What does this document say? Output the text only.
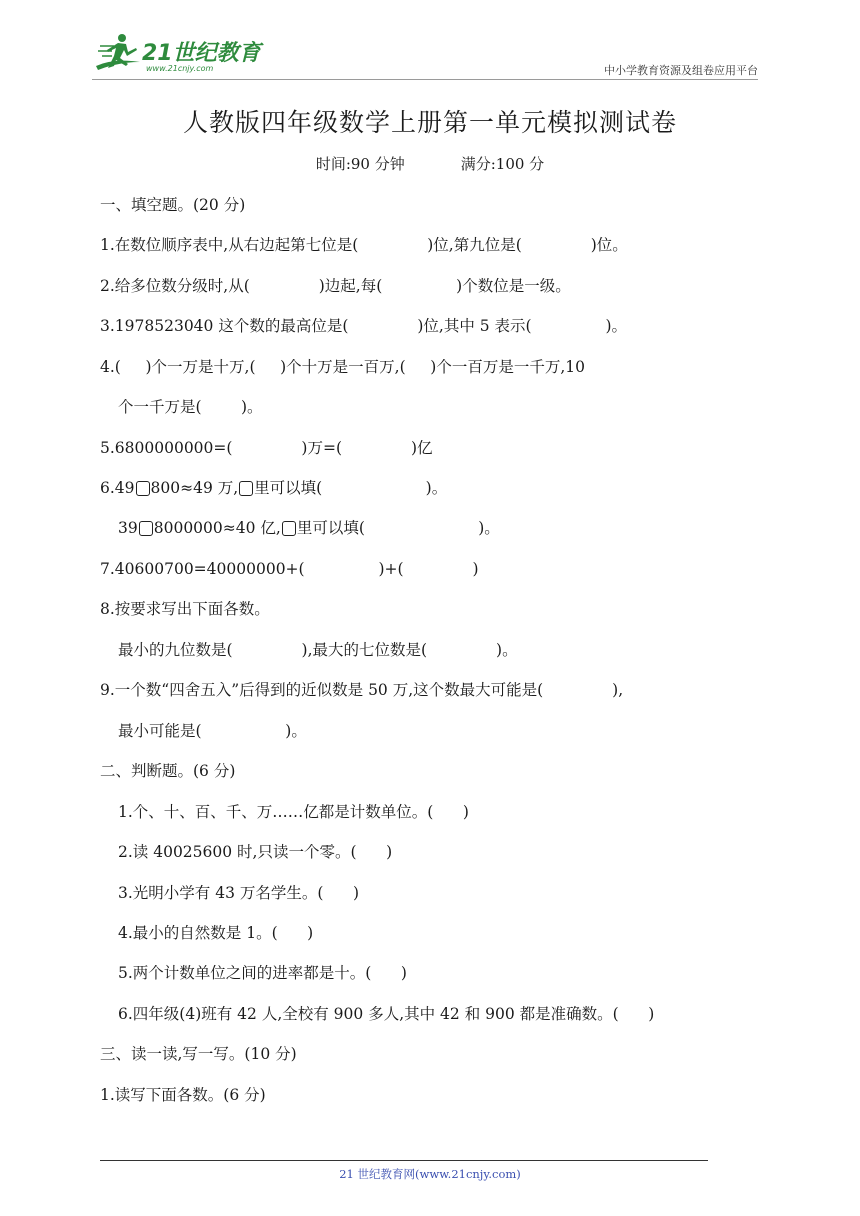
21世纪教育
www.21cnjy.com	中小学教育资源及组卷应用平台
人教版四年级数学上册第一单元模拟测试卷
时间:90 分钟	满分:100 分
一、填空题。(20 分)
1.在数位顺序表中,从右边起第七位是(              )位,第九位是(              )位。
2.给多位数分级时,从(              )边起,每(               )个数位是一级。
3.1978523040 这个数的最高位是(              )位,其中 5 表示(               )。
4.(     )个一万是十万,(     )个十万是一百万,(     )个一百万是一千万,10
个一千万是(        )。
5.6800000000=(              )万=(              )亿
6.49 800≈49 万, 里可以填(                     )。
39 8000000≈40 亿, 里可以填(                       )。
7.40600700=40000000+(               )+(              )
8.按要求写出下面各数。
最小的九位数是(              ),最大的七位数是(              )。
9.一个数“四舍五入”后得到的近似数是 50 万,这个数最大可能是(              ),
最小可能是(                 )。
二、判断题。(6 分)
1.个、十、百、千、万……亿都是计数单位。(      )
2.读 40025600 时,只读一个零。(      )
3.光明小学有 43 万名学生。(      )
4.最小的自然数是 1。(      )
5.两个计数单位之间的进率都是十。(      )
6.四年级(4)班有 42 人,全校有 900 多人,其中 42 和 900 都是准确数。(      )
三、读一读,写一写。(10 分)
1.读写下面各数。(6 分)
21 世纪教育网(www.21cnjy.com)
